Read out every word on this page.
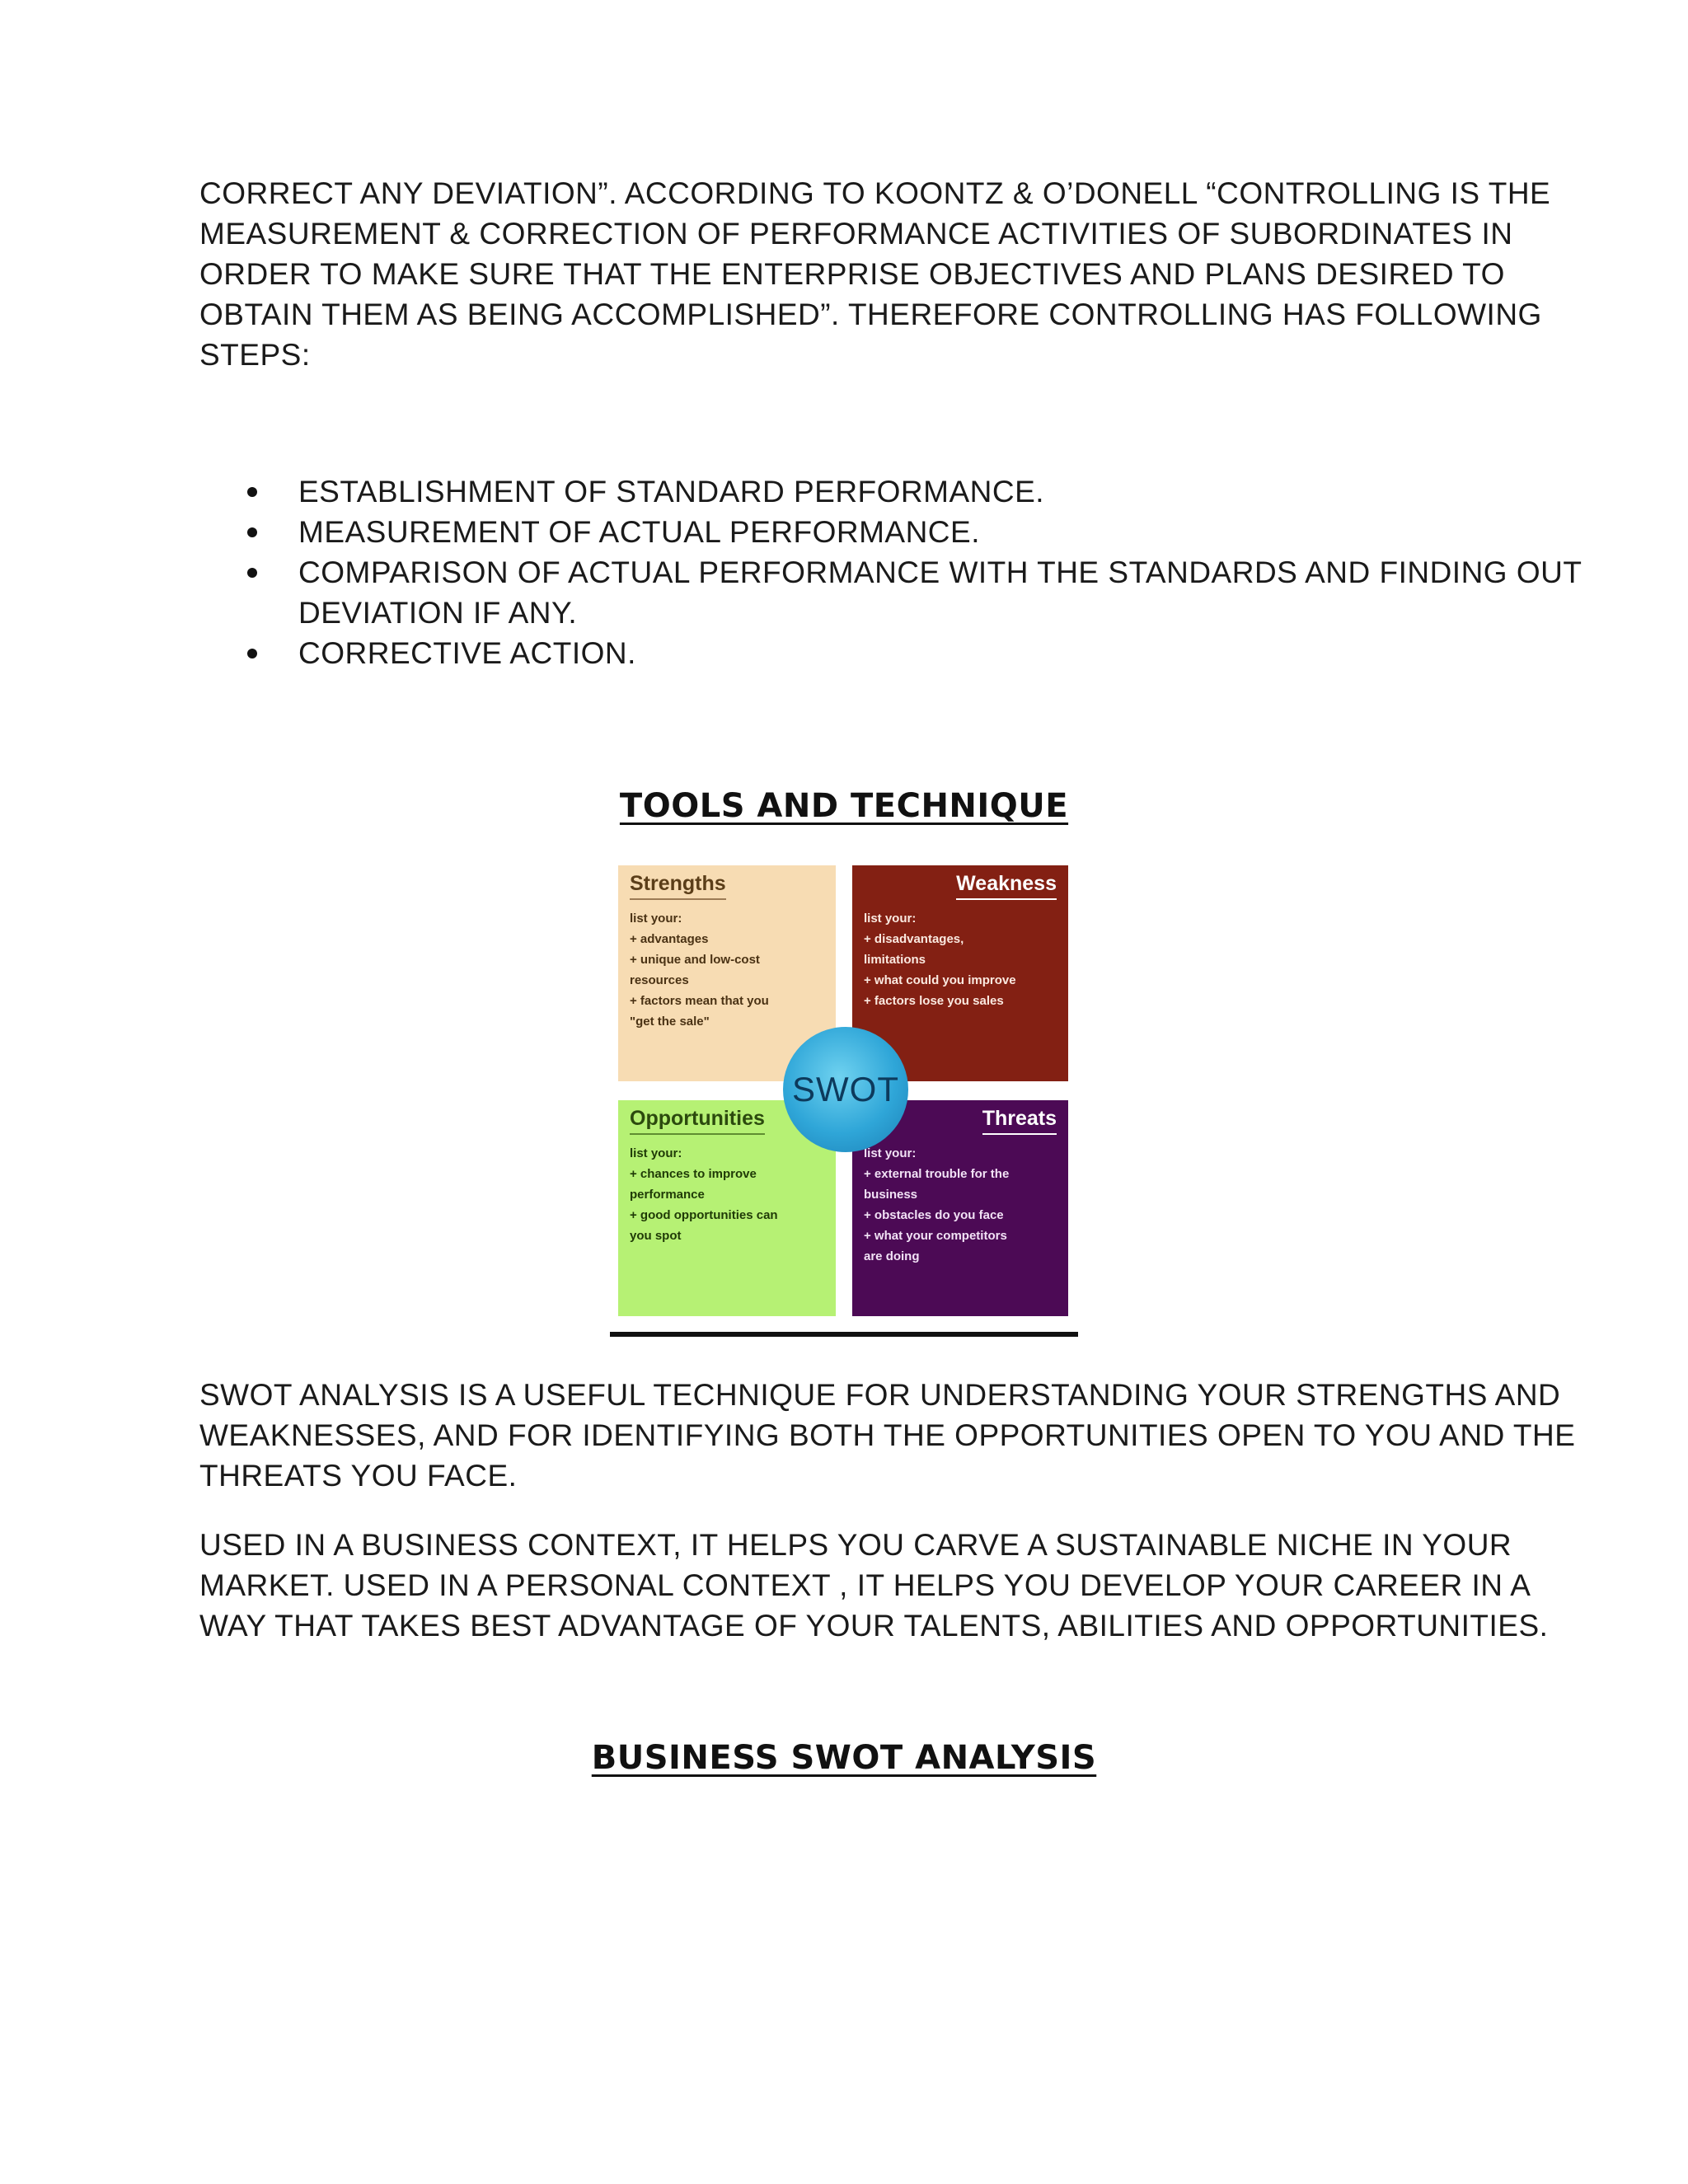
CORRECT ANY DEVIATION”. ACCORDING TO KOONTZ & O’DONELL “CONTROLLING IS THE
MEASUREMENT & CORRECTION OF PERFORMANCE ACTIVITIES OF SUBORDINATES IN
ORDER TO MAKE SURE THAT THE ENTERPRISE OBJECTIVES AND PLANS DESIRED TO
OBTAIN THEM AS BEING ACCOMPLISHED”. THEREFORE CONTROLLING HAS FOLLOWING
STEPS:
ESTABLISHMENT OF STANDARD PERFORMANCE.
MEASUREMENT OF ACTUAL PERFORMANCE.
COMPARISON OF ACTUAL PERFORMANCE WITH THE STANDARDS AND FINDING OUT
DEVIATION IF ANY.
CORRECTIVE ACTION.
TOOLS AND TECHNIQUE
Strengths
list your:
+ advantages
+ unique and low-cost
resources
+ factors mean that you
"get the sale"
Weakness
list your:
+ disadvantages,
limitations
+ what could you improve
+ factors lose you sales
Opportunities
list your:
+ chances to improve
performance
+ good opportunities can
you spot
Threats
list your:
+ external trouble for the
business
+ obstacles do you face
+ what your competitors
are doing
SWOT
SWOT ANALYSIS IS A USEFUL TECHNIQUE FOR UNDERSTANDING YOUR STRENGTHS AND
WEAKNESSES, AND FOR IDENTIFYING BOTH THE OPPORTUNITIES OPEN TO YOU AND THE
THREATS YOU FACE.
USED IN A BUSINESS CONTEXT, IT HELPS YOU CARVE A SUSTAINABLE NICHE IN YOUR
MARKET. USED IN A PERSONAL CONTEXT , IT HELPS YOU DEVELOP YOUR CAREER IN A
WAY THAT TAKES BEST ADVANTAGE OF YOUR TALENTS, ABILITIES AND OPPORTUNITIES.
BUSINESS SWOT ANALYSIS
